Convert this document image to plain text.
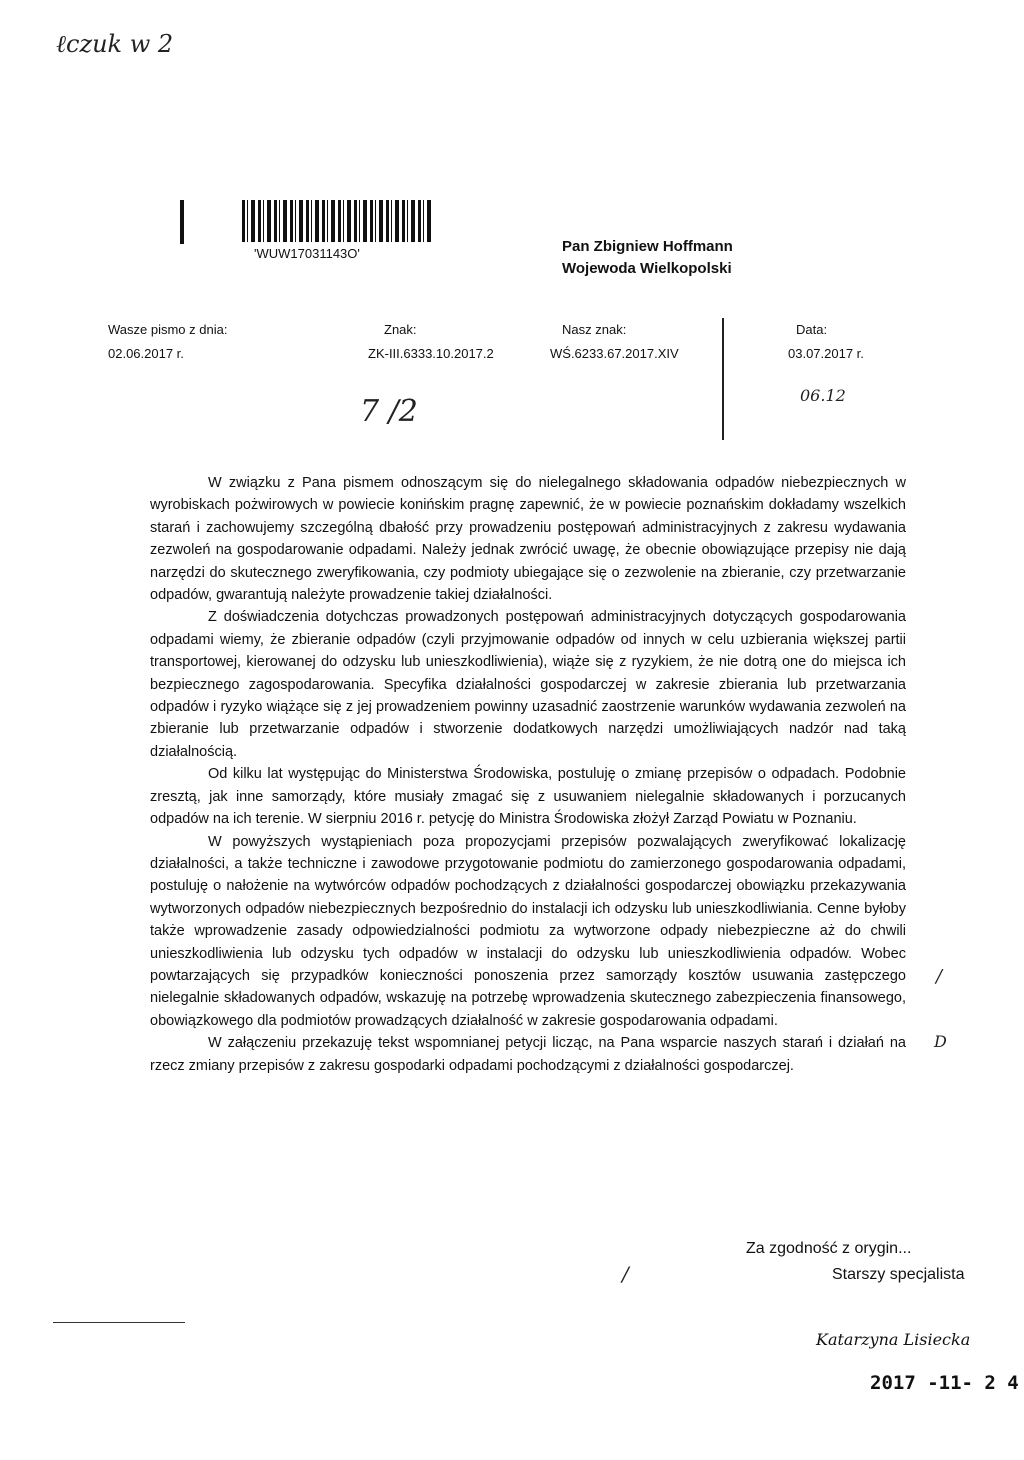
ℓczuk w 2
7 /2	06.12
/
D
'WUW17031143O'	Pan Zbigniew Hoffmann
Wojewoda Wielkopolski
Wasze pismo z dnia:
02.06.2017 r.
Znak:
ZK-III.6333.10.2017.2
Nasz znak:
WŚ.6233.67.2017.XIV
Data:
03.07.2017 r.

W związku z Pana pismem odnoszącym się do nielegalnego składowania odpadów niebezpiecznych w wyrobiskach pożwirowych w powiecie konińskim pragnę zapewnić, że w powiecie poznańskim dokładamy wszelkich starań i zachowujemy szczególną dbałość przy prowadzeniu postępowań administracyjnych z zakresu wydawania zezwoleń na gospodarowanie odpadami. Należy jednak zwrócić uwagę, że obecnie obowiązujące przepisy nie dają narzędzi do skutecznego zweryfikowania, czy podmioty ubiegające się o zezwolenie na zbieranie, czy przetwarzanie odpadów, gwarantują należyte prowadzenie takiej działalności.

Z doświadczenia dotychczas prowadzonych postępowań administracyjnych dotyczących gospodarowania odpadami wiemy, że zbieranie odpadów (czyli przyjmowanie odpadów od innych w celu uzbierania większej partii transportowej, kierowanej do odzysku lub unieszkodliwienia), wiąże się z ryzykiem, że nie dotrą one do miejsca ich bezpiecznego zagospodarowania. Specyfika działalności gospodarczej w zakresie zbierania lub przetwarzania odpadów i ryzyko wiążące się z jej prowadzeniem powinny uzasadnić zaostrzenie warunków wydawania zezwoleń na zbieranie lub przetwarzanie odpadów i stworzenie dodatkowych narzędzi umożliwiających nadzór nad taką działalnością.

Od kilku lat występując do Ministerstwa Środowiska, postuluję o zmianę przepisów o odpadach. Podobnie zresztą, jak inne samorządy, które musiały zmagać się z usuwaniem nielegalnie składowanych i porzucanych odpadów na ich terenie. W sierpniu 2016 r. petycję do Ministra Środowiska złożył Zarząd Powiatu w Poznaniu.

W powyższych wystąpieniach poza propozycjami przepisów pozwalających zweryfikować lokalizację działalności, a także techniczne i zawodowe przygotowanie podmiotu do zamierzonego gospodarowania odpadami, postuluję o nałożenie na wytwórców odpadów pochodzących z działalności gospodarczej obowiązku przekazywania wytworzonych odpadów niebezpiecznych bezpośrednio do instalacji ich odzysku lub unieszkodliwiania. Cenne byłoby także wprowadzenie zasady odpowiedzialności podmiotu za wytworzone odpady niebezpieczne aż do chwili unieszkodliwienia lub odzysku tych odpadów w instalacji do odzysku lub unieszkodliwienia odpadów. Wobec powtarzających się przypadków konieczności ponoszenia przez samorządy kosztów usuwania zastępczego nielegalnie składowanych odpadów, wskazuję na potrzebę wprowadzenia skutecznego zabezpieczenia finansowego, obowiązkowego dla podmiotów prowadzących działalność w zakresie gospodarowania odpadami.

W załączeniu przekazuję tekst wspomnianej petycji licząc, na Pana wsparcie naszych starań i działań na rzecz zmiany przepisów z zakresu gospodarki odpadami pochodzącymi z działalności gospodarczej.

Za zgodność z orygin...
Starszy specjalista
Katarzyna Lisiecka
/
2017 -11- 2 4
